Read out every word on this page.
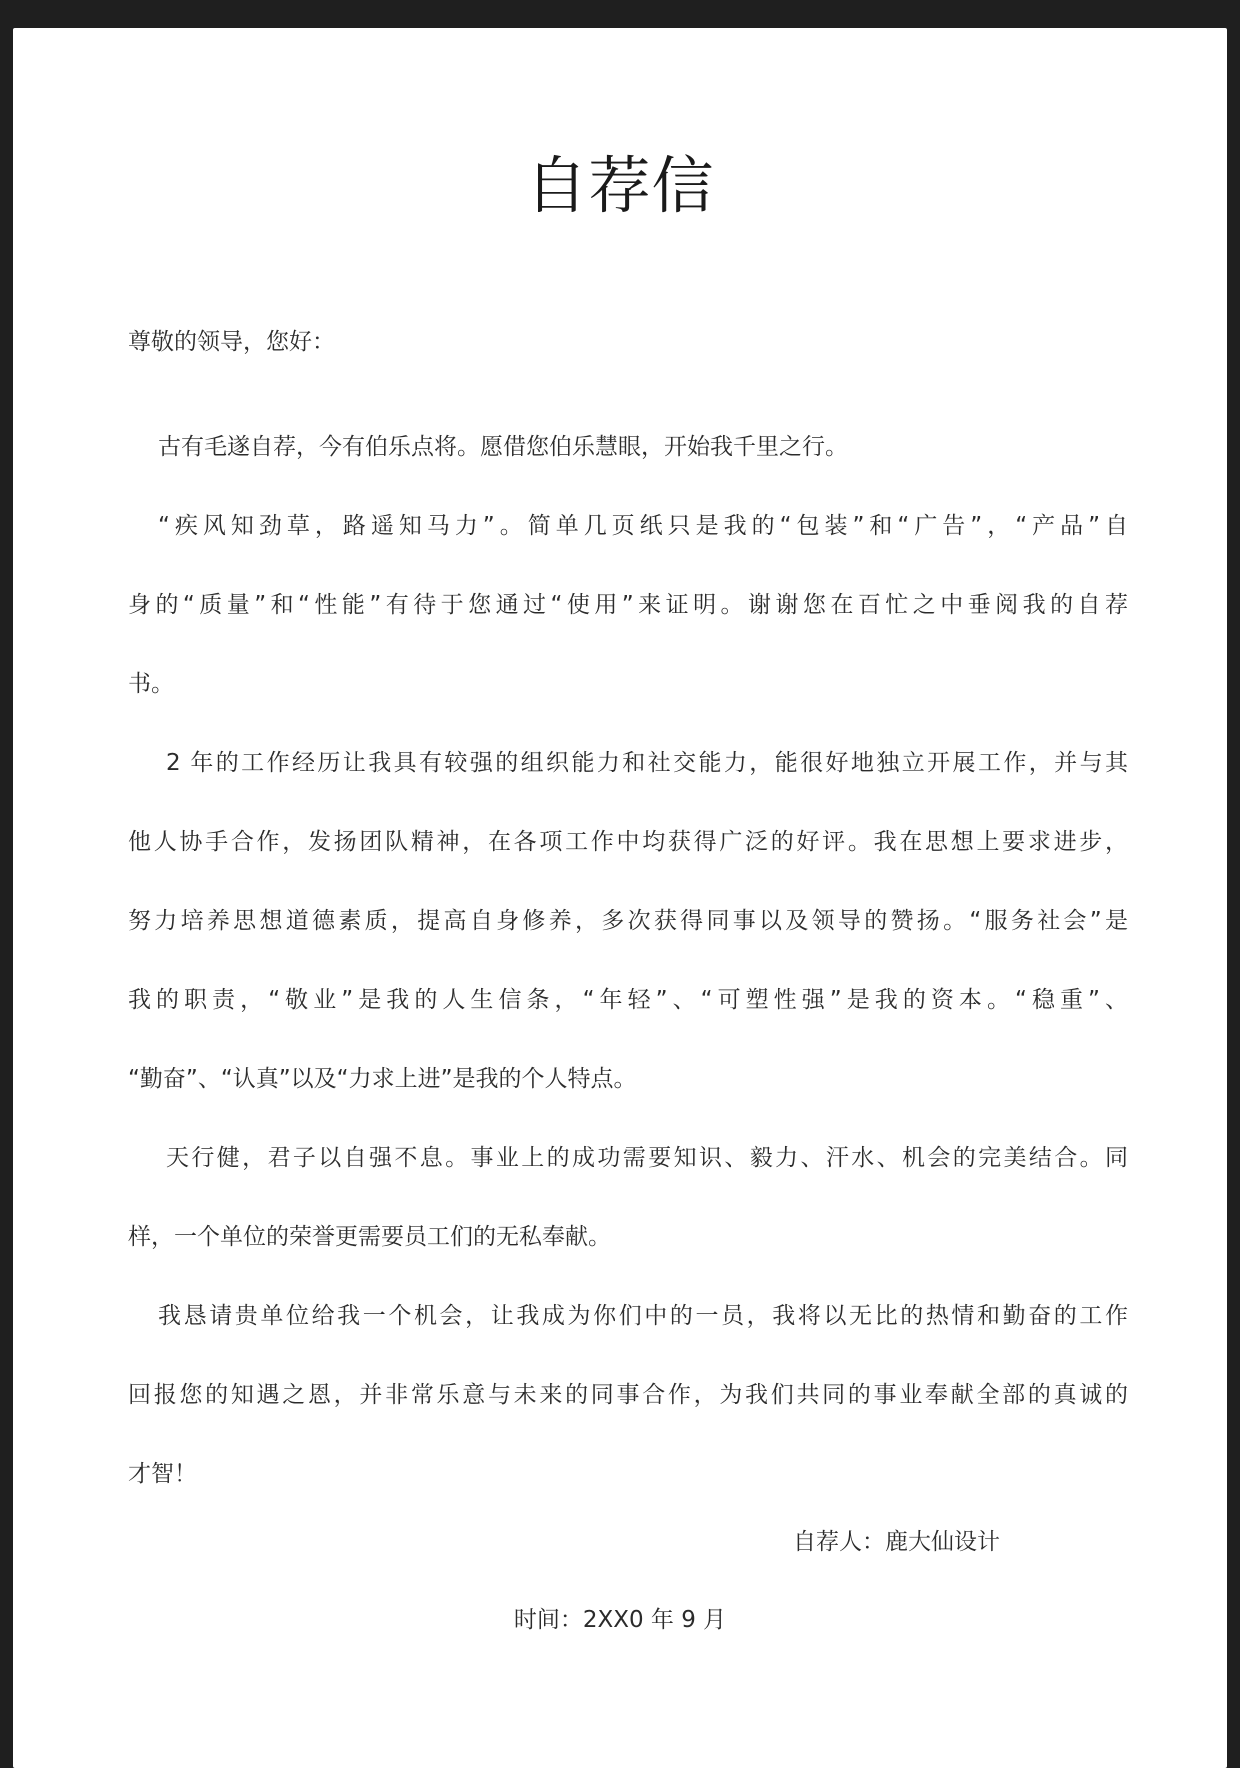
自荐信
尊敬的领导，您好：
古有毛遂自荐，今有伯乐点将。愿借您伯乐慧眼，开始我千里之行。
“疾风知劲草，路遥知马力”。简单几页纸只是我的“包装”和“广告”，“产品”自
身的“质量”和“性能”有待于您通过“使用”来证明。谢谢您在百忙之中垂阅我的自荐
书。
2 年的工作经历让我具有较强的组织能力和社交能力，能很好地独立开展工作，并与其
他人协手合作，发扬团队精神，在各项工作中均获得广泛的好评。我在思想上要求进步，
努力培养思想道德素质，提高自身修养，多次获得同事以及领导的赞扬。“服务社会”是
我的职责，“敬业”是我的人生信条，“年轻”、“可塑性强”是我的资本。“稳重”、
“勤奋”、“认真”以及“力求上进”是我的个人特点。
天行健，君子以自强不息。事业上的成功需要知识、毅力、汗水、机会的完美结合。同
样，一个单位的荣誉更需要员工们的无私奉献。
我恳请贵单位给我一个机会，让我成为你们中的一员，我将以无比的热情和勤奋的工作
回报您的知遇之恩，并非常乐意与未来的同事合作，为我们共同的事业奉献全部的真诚的
才智！
自荐人：鹿大仙设计
时间：2XX0 年 9 月
